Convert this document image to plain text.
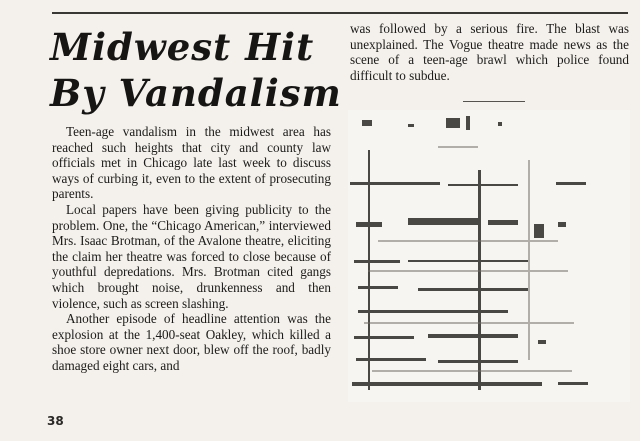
Midwest Hit
By Vandalism

Teen-age vandalism in the midwest area has reached such heights that city and county law officials met in Chicago late last week to discuss ways of curbing it, even to the extent of prosecuting parents.

Local papers have been giving publicity to the problem. One, the “Chicago American,” interviewed Mrs. Isaac Brotman, of the Avalone theatre, eliciting the claim her theatre was forced to close because of youthful depredations. Mrs. Brotman cited gangs which brought noise, drunkenness and then violence, such as screen slashing.

Another episode of headline attention was the explosion at the 1,400-seat Oakley, which killed a shoe store owner next door, blew off the roof, badly damaged eight cars, and

was followed by a serious fire. The blast was unexplained. The Vogue theatre made news as the scene of a teen-age brawl which police found difficult to subdue.

38
